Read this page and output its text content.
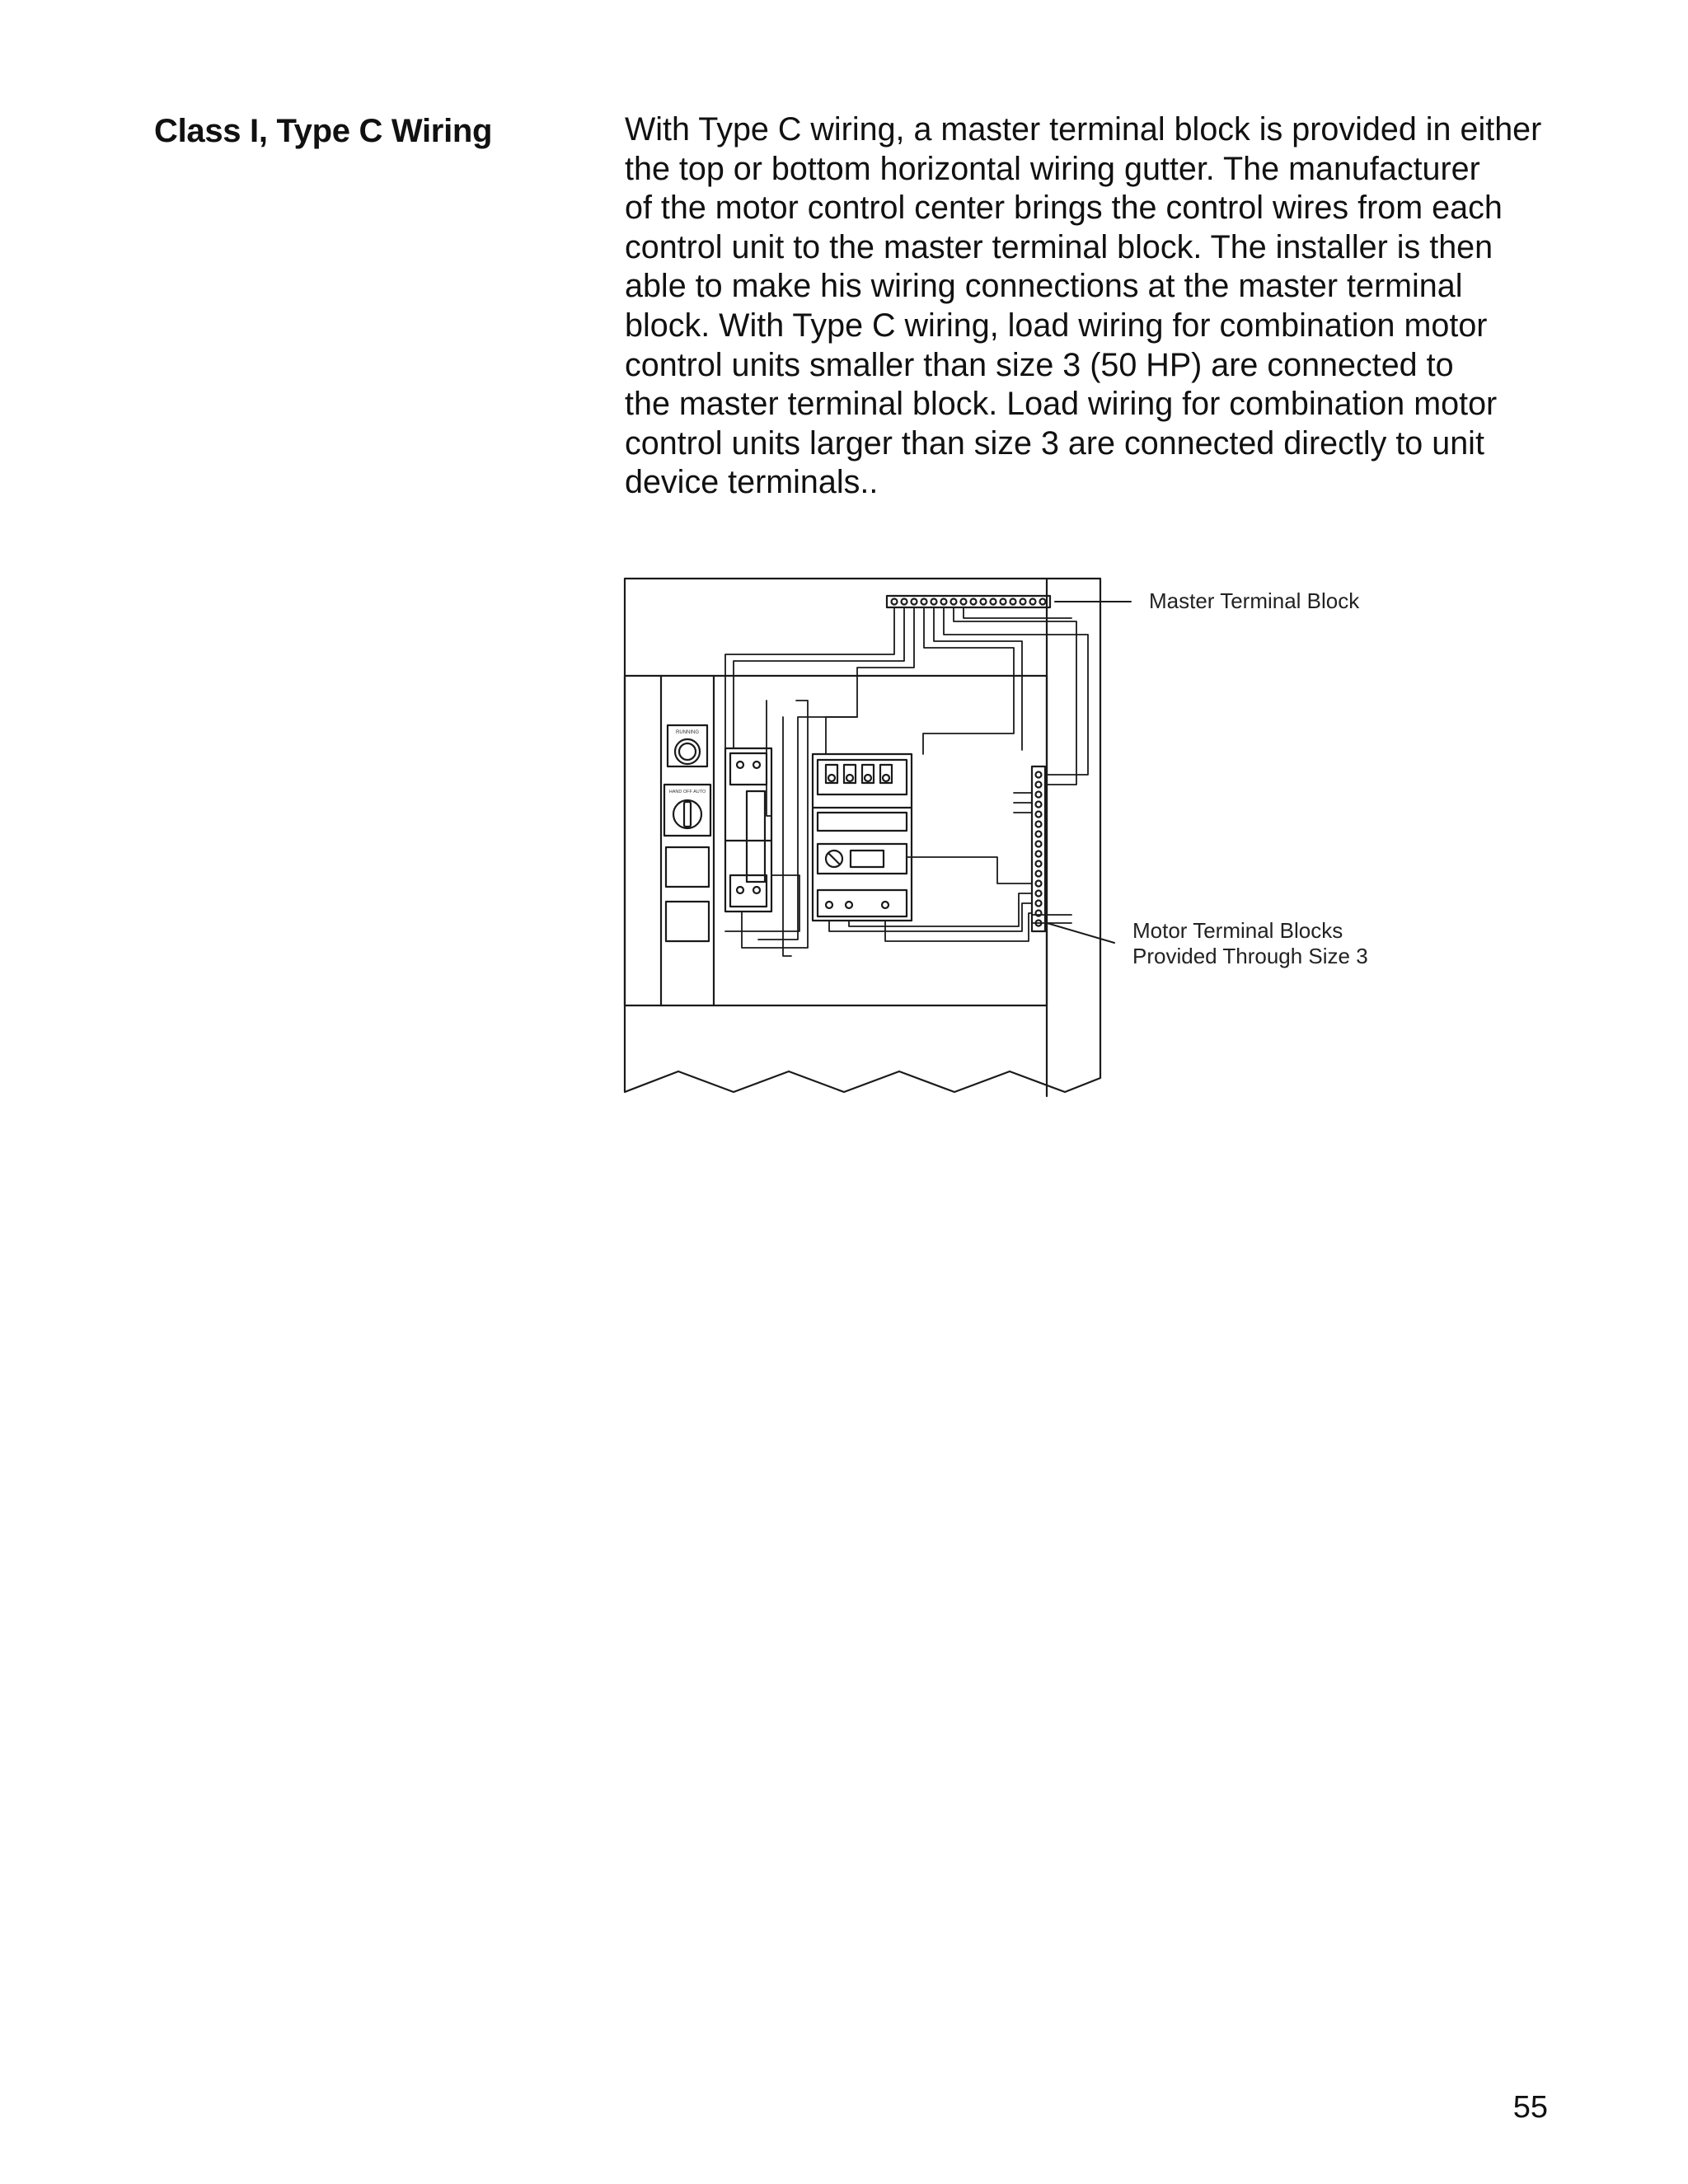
Class I, Type C Wiring	With Type C wiring, a master terminal block is provided in either
the top or bottom horizontal wiring gutter. The manufacturer
of the motor control center brings the control wires from each
control unit to the master terminal block. The installer is then
able to make his wiring connections at the master terminal
block. With Type C wiring, load wiring for combination motor
control units smaller than size 3 (50 HP) are connected to
the master terminal block. Load wiring for combination motor
control units larger than size 3 are connected directly to unit
device terminals..
RUNNING
HAND OFF AUTO
Master Terminal Block
Motor Terminal Blocks
Provided Through Size 3
55
